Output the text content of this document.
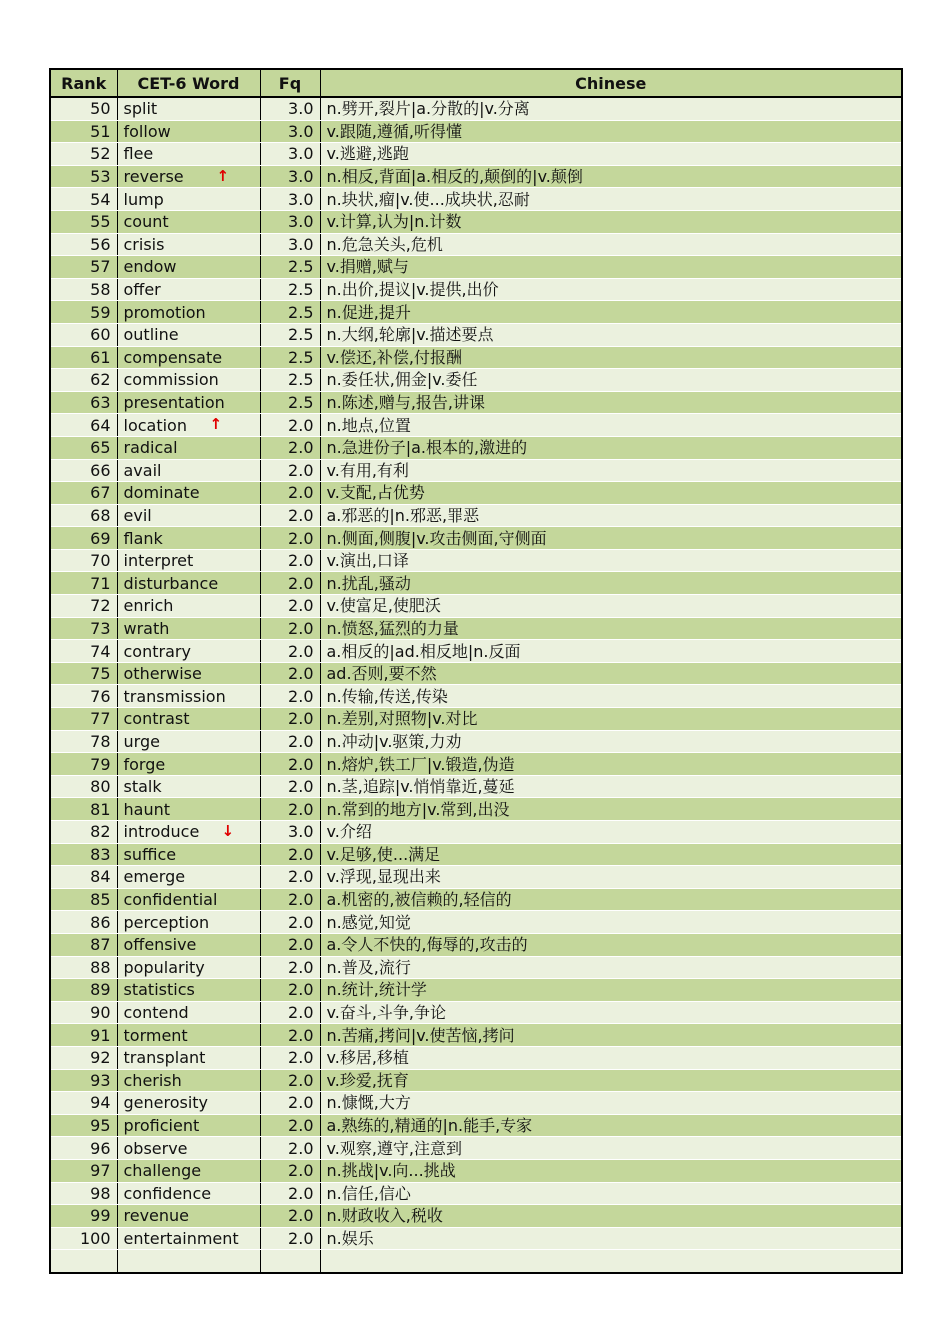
Rank	CET-6 Word	Fq	Chinese
50	split	3.0	n.劈开,裂片|a.分散的|v.分离
51	follow	3.0	v.跟随,遵循,听得懂
52	flee	3.0	v.逃避,逃跑
53	reverse ↑	3.0	n.相反,背面|a.相反的,颠倒的|v.颠倒
54	lump	3.0	n.块状,瘤|v.使...成块状,忍耐
55	count	3.0	v.计算,认为|n.计数
56	crisis	3.0	n.危急关头,危机
57	endow	2.5	v.捐赠,赋与
58	offer	2.5	n.出价,提议|v.提供,出价
59	promotion	2.5	n.促进,提升
60	outline	2.5	n.大纲,轮廓|v.描述要点
61	compensate	2.5	v.偿还,补偿,付报酬
62	commission	2.5	n.委任状,佣金|v.委任
63	presentation	2.5	n.陈述,赠与,报告,讲课
64	location ↑	2.0	n.地点,位置
65	radical	2.0	n.急进份子|a.根本的,激进的
66	avail	2.0	v.有用,有利
67	dominate	2.0	v.支配,占优势
68	evil	2.0	a.邪恶的|n.邪恶,罪恶
69	flank	2.0	n.侧面,侧腹|v.攻击侧面,守侧面
70	interpret	2.0	v.演出,口译
71	disturbance	2.0	n.扰乱,骚动
72	enrich	2.0	v.使富足,使肥沃
73	wrath	2.0	n.愤怒,猛烈的力量
74	contrary	2.0	a.相反的|ad.相反地|n.反面
75	otherwise	2.0	ad.否则,要不然
76	transmission	2.0	n.传输,传送,传染
77	contrast	2.0	n.差别,对照物|v.对比
78	urge	2.0	n.冲动|v.驱策,力劝
79	forge	2.0	n.熔炉,铁工厂|v.锻造,伪造
80	stalk	2.0	n.茎,追踪|v.悄悄靠近,蔓延
81	haunt	2.0	n.常到的地方|v.常到,出没
82	introduce ↓	3.0	v.介绍
83	suffice	2.0	v.足够,使...满足
84	emerge	2.0	v.浮现,显现出来
85	confidential	2.0	a.机密的,被信赖的,轻信的
86	perception	2.0	n.感觉,知觉
87	offensive	2.0	a.令人不快的,侮辱的,攻击的
88	popularity	2.0	n.普及,流行
89	statistics	2.0	n.统计,统计学
90	contend	2.0	v.奋斗,斗争,争论
91	torment	2.0	n.苦痛,拷问|v.使苦恼,拷问
92	transplant	2.0	v.移居,移植
93	cherish	2.0	v.珍爱,抚育
94	generosity	2.0	n.慷慨,大方
95	proficient	2.0	a.熟练的,精通的|n.能手,专家
96	observe	2.0	v.观察,遵守,注意到
97	challenge	2.0	n.挑战|v.向...挑战
98	confidence	2.0	n.信任,信心
99	revenue	2.0	n.财政收入,税收
100	entertainment	2.0	n.娱乐
